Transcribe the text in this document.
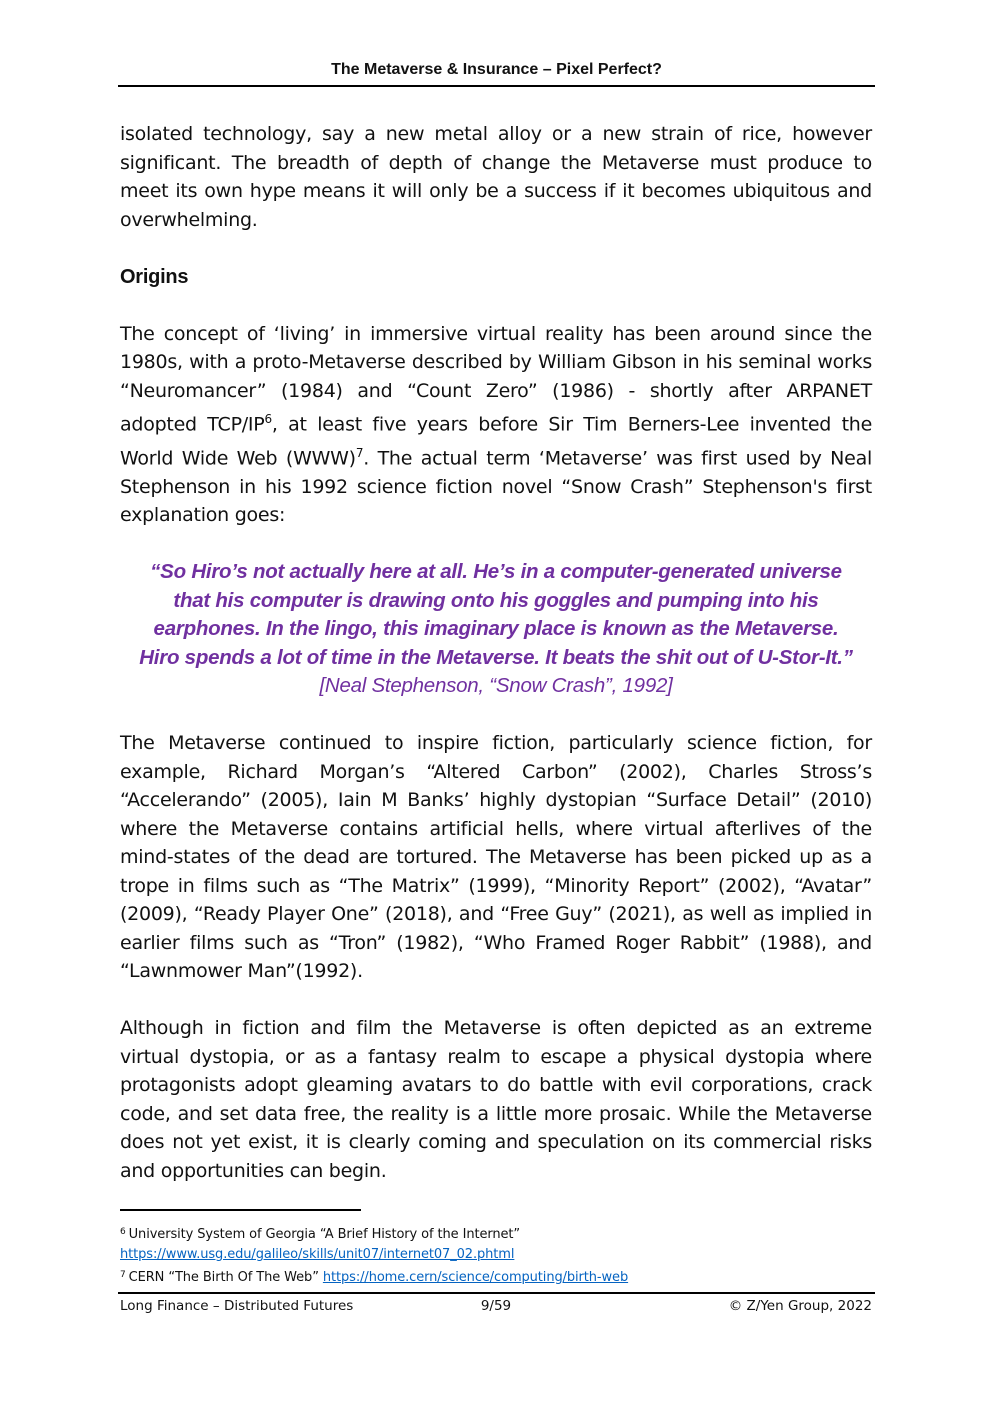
The Metaverse & Insurance – Pixel Perfect?

isolated technology, say a new metal alloy or a new strain of rice, however significant. The breadth of depth of change the Metaverse must produce to meet its own hype means it will only be a success if it becomes ubiquitous and overwhelming.

Origins

The concept of ‘living’ in immersive virtual reality has been around since the 1980s, with a proto-Metaverse described by William Gibson in his seminal works “Neuromancer” (1984) and “Count Zero” (1986) - shortly after ARPANET adopted TCP/$IP^6$, at least five years before Sir Tim Berners-Lee invented the World Wide Web (WWW)$^7$. The actual term ‘Metaverse’ was first used by Neal Stephenson in his 1992 science fiction novel “Snow Crash” Stephenson's first explanation goes:

“So Hiro’s not actually here at all. He’s in a computer-generated universe
that his computer is drawing onto his goggles and pumping into his
earphones. In the lingo, this imaginary place is known as the Metaverse.
Hiro spends a lot of time in the Metaverse. It beats the shit out of U-Stor-It.”
[Neal Stephenson, “Snow Crash”, 1992]

The Metaverse continued to inspire fiction, particularly science fiction, for example, Richard Morgan’s “Altered Carbon” (2002), Charles Stross’s “Accelerando” (2005), Iain M Banks’ highly dystopian “Surface Detail” (2010) where the Metaverse contains artificial hells, where virtual afterlives of the mind-states of the dead are tortured. The Metaverse has been picked up as a trope in films such as “The Matrix” (1999), “Minority Report” (2002), “Avatar” (2009), “Ready Player One” (2018), and “Free Guy” (2021), as well as implied in earlier films such as “Tron” (1982), “Who Framed Roger Rabbit” (1988), and “Lawnmower Man”(1992).

Although in fiction and film the Metaverse is often depicted as an extreme virtual dystopia, or as a fantasy realm to escape a physical dystopia where protagonists adopt gleaming avatars to do battle with evil corporations, crack code, and set data free, the reality is a little more prosaic. While the Metaverse does not yet exist, it is clearly coming and speculation on its commercial risks and opportunities can begin.

$^6$ University System of Georgia “A Brief History of the Internet”
https://www.usg.edu/galileo/skills/unit07/internet07_02.phtml
$^7$ CERN “The Birth Of The Web” https://home.cern/science/computing/birth-web
Long Finance – Distributed Futures	9/59	© Z/Yen Group, 2022
